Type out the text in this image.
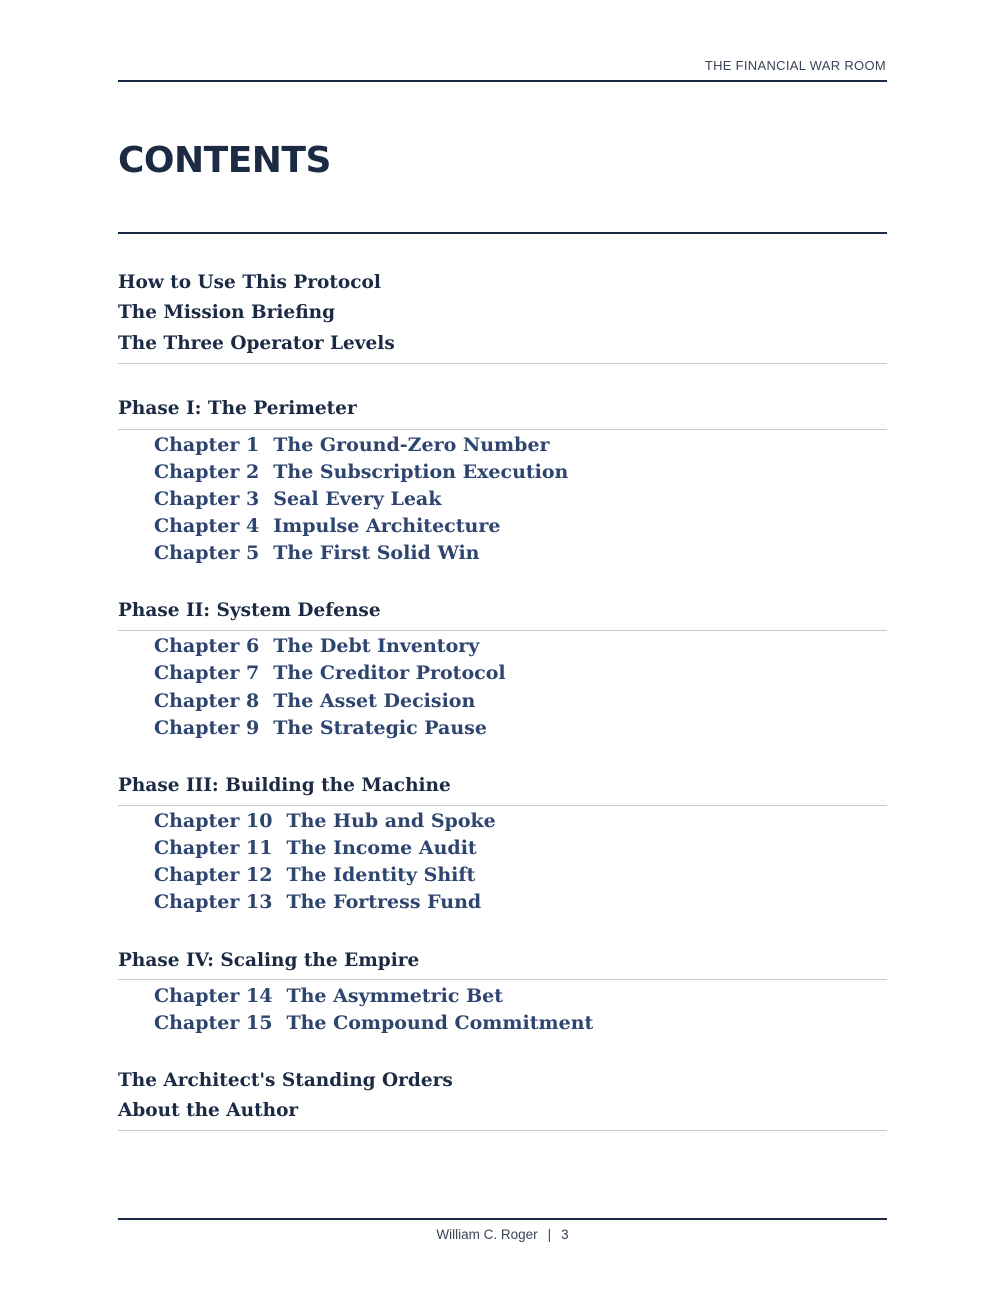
THE FINANCIAL WAR ROOM
CONTENTS
How to Use This Protocol
The Mission Briefing
The Three Operator Levels
Phase I: The Perimeter
Chapter 1 The Ground-Zero Number
Chapter 2 The Subscription Execution
Chapter 3 Seal Every Leak
Chapter 4 Impulse Architecture
Chapter 5 The First Solid Win
Phase II: System Defense
Chapter 6 The Debt Inventory
Chapter 7 The Creditor Protocol
Chapter 8 The Asset Decision
Chapter 9 The Strategic Pause
Phase III: Building the Machine
Chapter 10 The Hub and Spoke
Chapter 11 The Income Audit
Chapter 12 The Identity Shift
Chapter 13 The Fortress Fund
Phase IV: Scaling the Empire
Chapter 14 The Asymmetric Bet
Chapter 15 The Compound Commitment
The Architect's Standing Orders
About the Author
William C. Roger | 3
